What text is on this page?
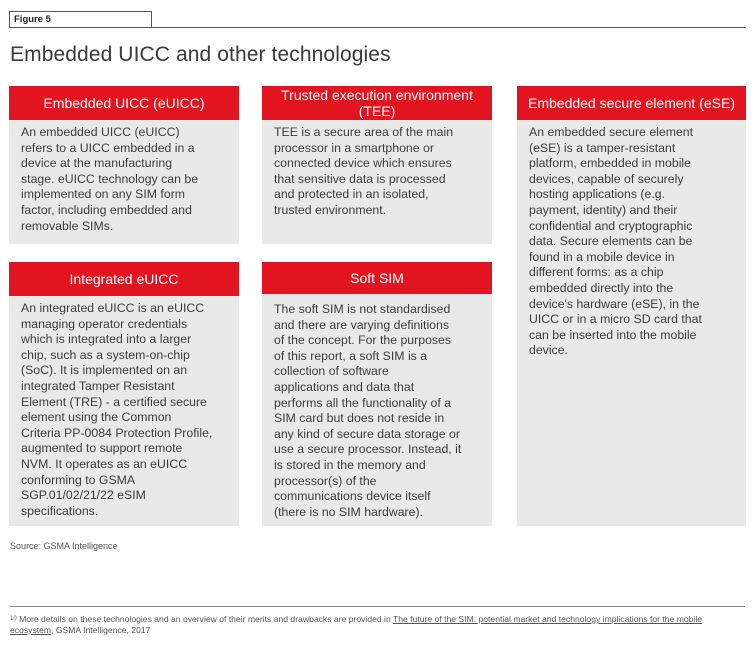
Figure 5
Embedded UICC and other technologies
Embedded UICC (eUICC)
An embedded UICC (eUICC)
refers to a UICC embedded in a
device at the manufacturing
stage. eUICC technology can be
implemented on any SIM form
factor, including embedded and
removable SIMs.
Trusted execution environment
(TEE)
TEE is a secure area of the main
processor in a smartphone or
connected device which ensures
that sensitive data is processed
and protected in an isolated,
trusted environment.
Embedded secure element (eSE)
An embedded secure element
(eSE) is a tamper-resistant
platform, embedded in mobile
devices, capable of securely
hosting applications (e.g.
payment, identity) and their
confidential and cryptographic
data. Secure elements can be
found in a mobile device in
different forms: as a chip
embedded directly into the
device's hardware (eSE), in the
UICC or in a micro SD card that
can be inserted into the mobile
device.
Integrated eUICC
An integrated eUICC is an eUICC
managing operator credentials
which is integrated into a larger
chip, such as a system-on-chip
(SoC). It is implemented on an
integrated Tamper Resistant
Element (TRE) - a certified secure
element using the Common
Criteria PP-0084 Protection Profile,
augmented to support remote
NVM. It operates as an eUICC
conforming to GSMA
SGP.01/02/21/22 eSIM
specifications.
Soft SIM
The soft SIM is not standardised
and there are varying definitions
of the concept. For the purposes
of this report, a soft SIM is a
collection of software
applications and data that
performs all the functionality of a
SIM card but does not reside in
any kind of secure data storage or
use a secure processor. Instead, it
is stored in the memory and
processor(s) of the
communications device itself
(there is no SIM hardware).
Source: GSMA Intelligence
$^{10}$ More details on these technologies and an overview of their merits and drawbacks are provided in The future of the SIM: potential market and technology implications for the mobile ecosystem, GSMA Intelligence, 2017
